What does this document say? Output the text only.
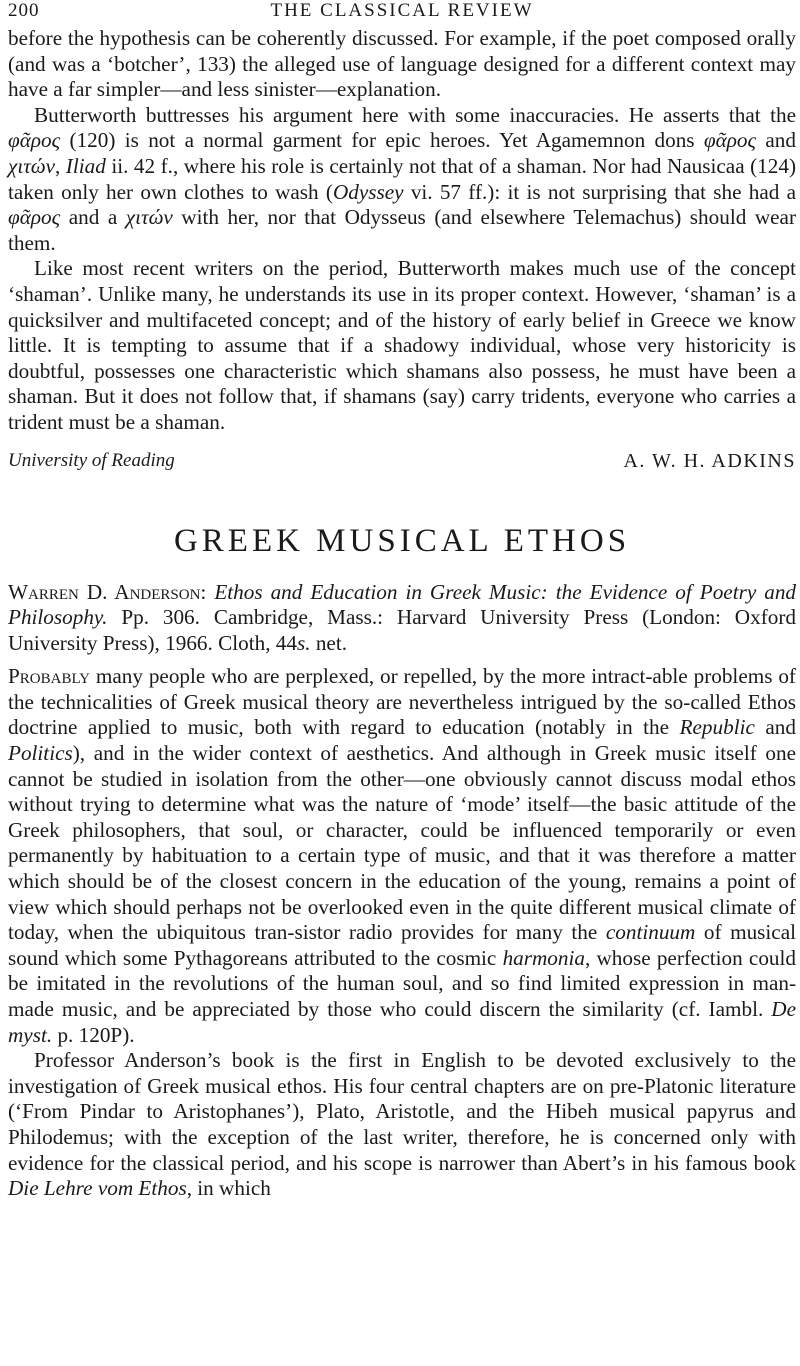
200	THE CLASSICAL REVIEW

before the hypothesis can be coherently discussed. For example, if the poet composed orally (and was a ‘botcher’, 133) the alleged use of language designed for a different context may have a far simpler—and less sinister—explanation.

Butterworth buttresses his argument here with some inaccuracies. He asserts that the φᾶρος (120) is not a normal garment for epic heroes. Yet Agamemnon dons φᾶρος and χιτών, Iliad ii. 42 f., where his role is certainly not that of a shaman. Nor had Nausicaa (124) taken only her own clothes to wash (Odyssey vi. 57 ff.): it is not surprising that she had a φᾶρος and a χιτών with her, nor that Odysseus (and elsewhere Telemachus) should wear them.

Like most recent writers on the period, Butterworth makes much use of the concept ‘shaman’. Unlike many, he understands its use in its proper context. However, ‘shaman’ is a quicksilver and multifaceted concept; and of the history of early belief in Greece we know little. It is tempting to assume that if a shadowy individual, whose very historicity is doubtful, possesses one characteristic which shamans also possess, he must have been a shaman. But it does not follow that, if shamans (say) carry tridents, everyone who carries a trident must be a shaman.

University of Reading	A. W. H. ADKINS
GREEK MUSICAL ETHOS

Warren D. Anderson: Ethos and Education in Greek Music: the Evidence of Poetry and Philosophy. Pp. 306. Cambridge, Mass.: Harvard University Press (London: Oxford University Press), 1966. Cloth, 44s. net.

Probably many people who are perplexed, or repelled, by the more intract-able problems of the technicalities of Greek musical theory are nevertheless intrigued by the so-called Ethos doctrine applied to music, both with regard to education (notably in the Republic and Politics), and in the wider context of aesthetics. And although in Greek music itself one cannot be studied in isolation from the other—one obviously cannot discuss modal ethos without trying to determine what was the nature of ‘mode’ itself—the basic attitude of the Greek philosophers, that soul, or character, could be influenced temporarily or even permanently by habituation to a certain type of music, and that it was therefore a matter which should be of the closest concern in the education of the young, remains a point of view which should perhaps not be overlooked even in the quite different musical climate of today, when the ubiquitous tran-sistor radio provides for many the continuum of musical sound which some Pythagoreans attributed to the cosmic harmonia, whose perfection could be imitated in the revolutions of the human soul, and so find limited expression in man-made music, and be appreciated by those who could discern the similarity (cf. Iambl. De myst. p. 120P).

Professor Anderson’s book is the first in English to be devoted exclusively to the investigation of Greek musical ethos. His four central chapters are on pre-Platonic literature (‘From Pindar to Aristophanes’), Plato, Aristotle, and the Hibeh musical papyrus and Philodemus; with the exception of the last writer, therefore, he is concerned only with evidence for the classical period, and his scope is narrower than Abert’s in his famous book Die Lehre vom Ethos, in which
